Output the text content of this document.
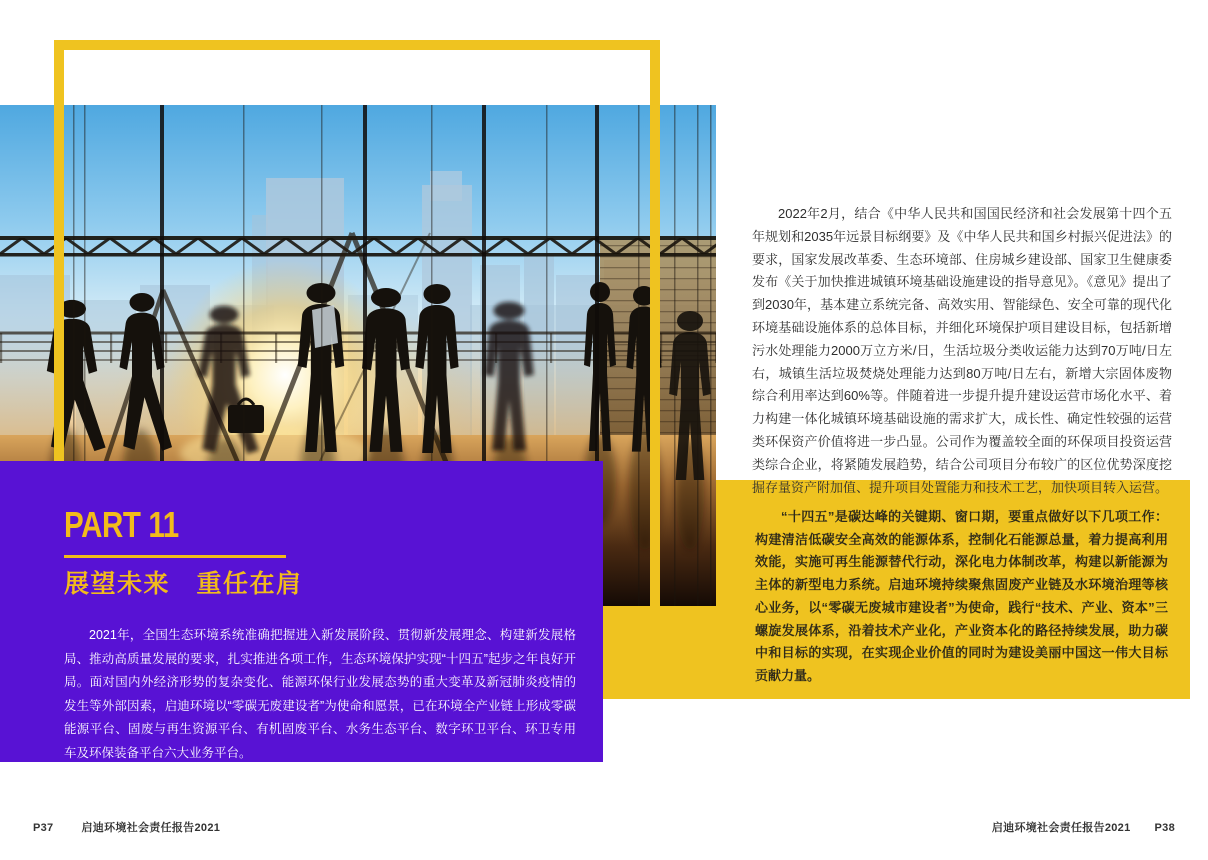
“十四五”是碳达峰的关键期、窗口期，要重点做好以下几项工作：构建清洁低碳安全高效的能源体系，控制化石能源总量，着力提高利用效能，实施可再生能源替代行动，深化电力体制改革，构建以新能源为主体的新型电力系统。启迪环境持续聚焦固废产业链及水环境治理等核心业务，以“零碳无废城市建设者”为使命，践行“技术、产业、资本”三螺旋发展体系，沿着技术产业化，产业资本化的路径持续发展，助力碳中和目标的实现，在实现企业价值的同时为建设美丽中国这一伟大目标贡献力量。

PART 11
展望未来　重任在肩

2021年，全国生态环境系统准确把握进入新发展阶段、贯彻新发展理念、构建新发展格局、推动高质量发展的要求，扎实推进各项工作，生态环境保护实现“十四五”起步之年良好开局。面对国内外经济形势的复杂变化、能源环保行业发展态势的重大变革及新冠肺炎疫情的发生等外部因素，启迪环境以“零碳无废建设者”为使命和愿景，已在环境全产业链上形成零碳能源平台、固废与再生资源平台、有机固废平台、水务生态平台、数字环卫平台、环卫专用车及环保装备平台六大业务平台。

2022年2月，结合《中华人民共和国国民经济和社会发展第十四个五年规划和2035年远景目标纲要》及《中华人民共和国乡村振兴促进法》的要求，国家发展改革委、生态环境部、住房城乡建设部、国家卫生健康委发布《关于加快推进城镇环境基础设施建设的指导意见》。《意见》提出了到2030年，基本建立系统完备、高效实用、智能绿色、安全可靠的现代化环境基础设施体系的总体目标，并细化环境保护项目建设目标，包括新增污水处理能力2000万立方米/日，生活垃圾分类收运能力达到70万吨/日左右，城镇生活垃圾焚烧处理能力达到80万吨/日左右，新增大宗固体废物综合利用率达到60%等。伴随着进一步提升提升建设运营市场化水平、着力构建一体化城镇环境基础设施的需求扩大，成长性、确定性较强的运营类环保资产价值将进一步凸显。公司作为覆盖较全面的环保项目投资运营类综合企业，将紧随发展趋势，结合公司项目分布较广的区位优势深度挖掘存量资产附加值、提升项目处置能力和技术工艺，加快项目转入运营。

P37	启迪环境社会责任报告2021	启迪环境社会责任报告2021 P38
